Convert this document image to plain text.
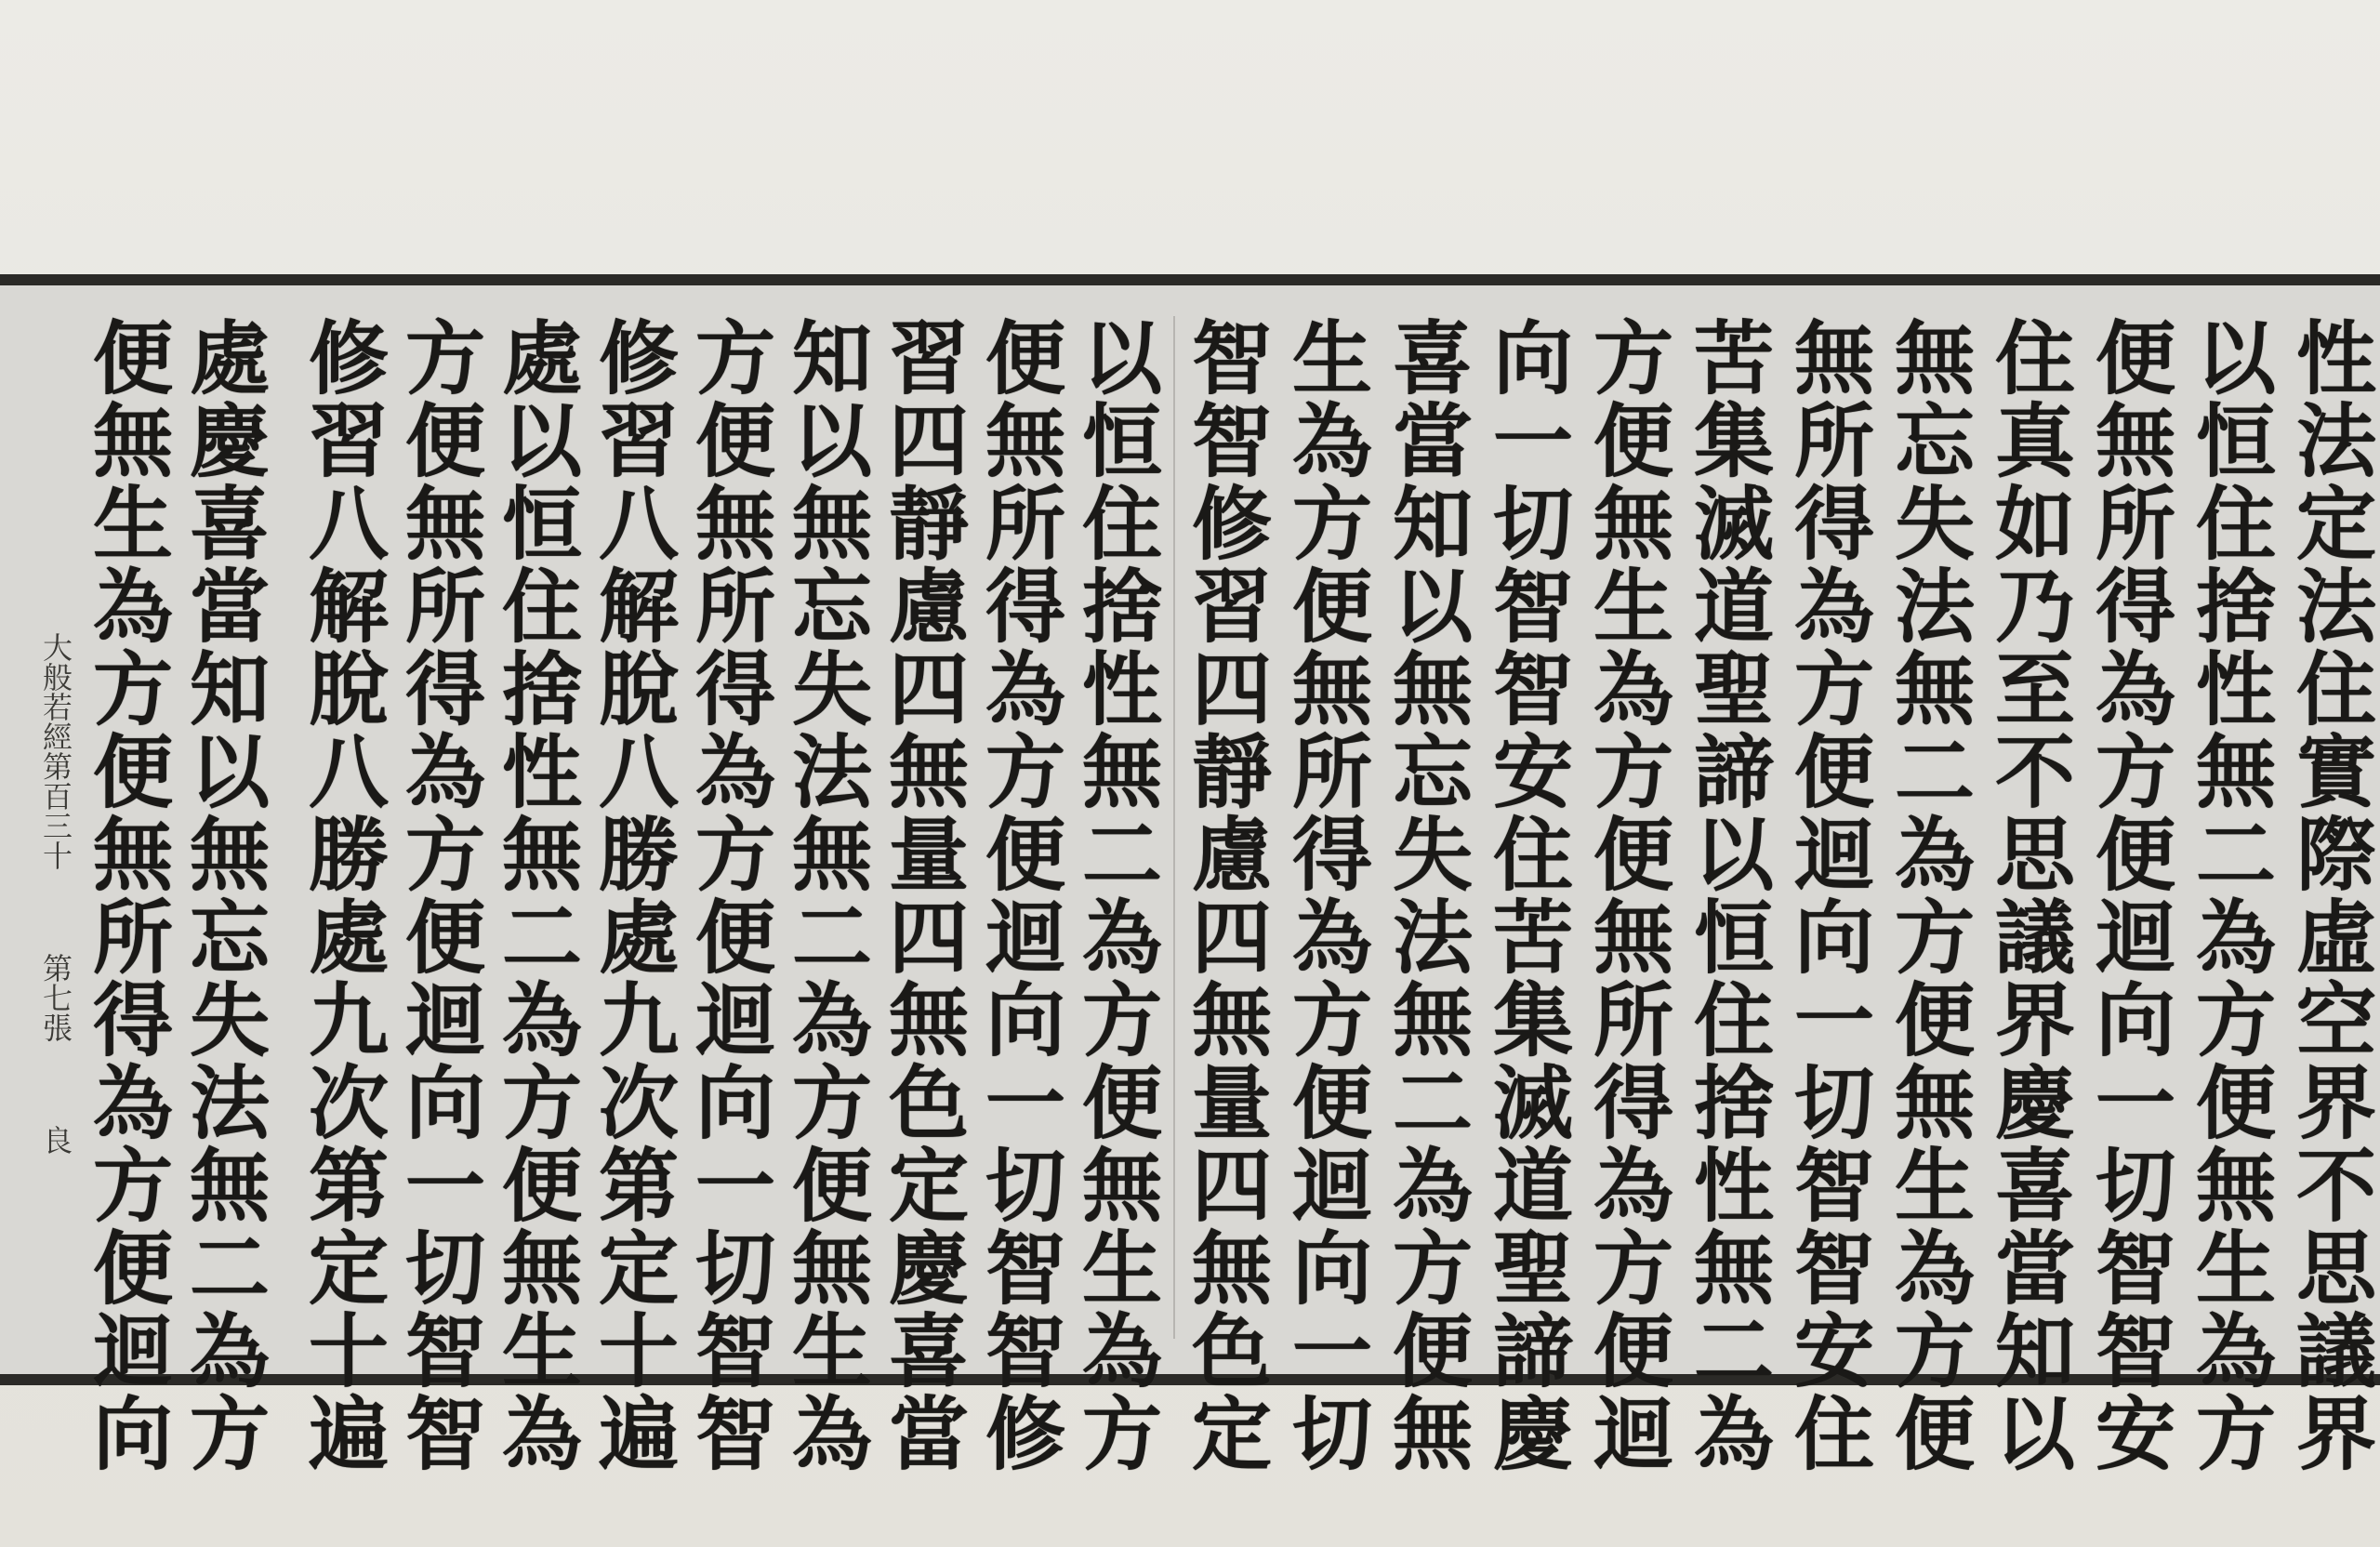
性法定法住實際虛空界不思議界

以恒住捨性無二為方便無生為方

便無所得為方便迴向一切智智安

住真如乃至不思議界慶喜當知以

無忘失法無二為方便無生為方便

無所得為方便迴向一切智智安住

苦集滅道聖諦以恒住捨性無二為

方便無生為方便無所得為方便迴

向一切智智安住苦集滅道聖諦慶

喜當知以無忘失法無二為方便無

生為方便無所得為方便迴向一切

智智修習四靜慮四無量四無色定

以恒住捨性無二為方便無生為方

便無所得為方便迴向一切智智修

習四靜慮四無量四無色定慶喜當

知以無忘失法無二為方便無生為

方便無所得為方便迴向一切智智

修習八解脫八勝處九次第定十遍

處以恒住捨性無二為方便無生為

方便無所得為方便迴向一切智智

修習八解脫八勝處九次第定十遍

處慶喜當知以無忘失法無二為方

便無生為方便無所得為方便迴向

大般若經第百三十
第七張
良
